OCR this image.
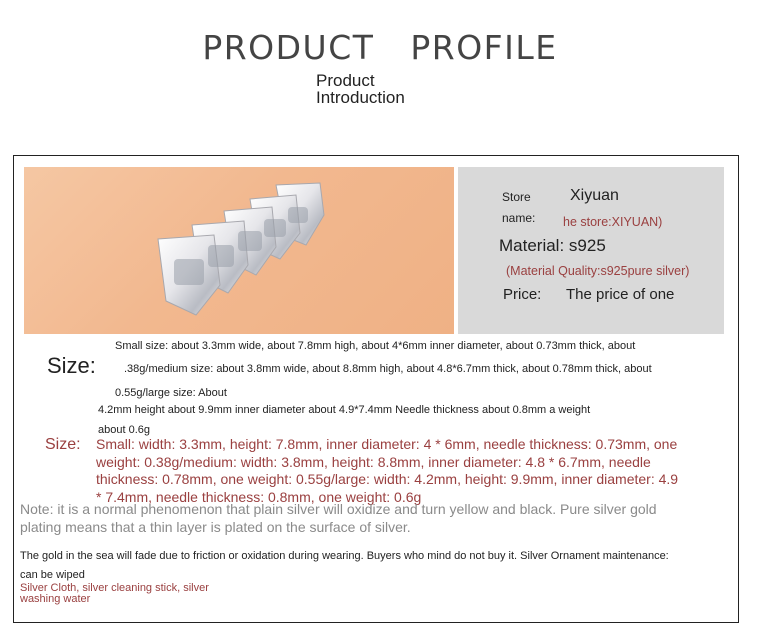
PRODUCT   PROFILE
Product
Introduction
Store
name:
Xiyuan
he store:XIYUAN)
Material: s925
(Material Quality:s925pure silver)
Price: The price of one
Size:
Small size: about 3.3mm wide, about 7.8mm high, about 4*6mm inner diameter, about 0.73mm thick, about
.38g/medium size: about 3.8mm wide, about 8.8mm high, about 4.8*6.7mm thick, about 0.78mm thick, about
0.55g/large size: About
4.2mm height about 9.9mm inner diameter about 4.9*7.4mm Needle thickness about 0.8mm a weight
about 0.6g
Size: Small: width: 3.3mm, height: 7.8mm, inner diameter: 4 * 6mm, needle thickness: 0.73mm, one
weight: 0.38g/medium: width: 3.8mm, height: 8.8mm, inner diameter: 4.8 * 6.7mm, needle
thickness: 0.78mm, one weight: 0.55g/large: width: 4.2mm, height: 9.9mm, inner diameter: 4.9
* 7.4mm, needle thickness: 0.8mm, one weight: 0.6g
Note: it is a normal phenomenon that plain silver will oxidize and turn yellow and black. Pure silver gold
plating means that a thin layer is plated on the surface of silver.
The gold in the sea will fade due to friction or oxidation during wearing. Buyers who mind do not buy it. Silver Ornament maintenance:
can be wiped
Silver Cloth, silver cleaning stick, silver
washing water
